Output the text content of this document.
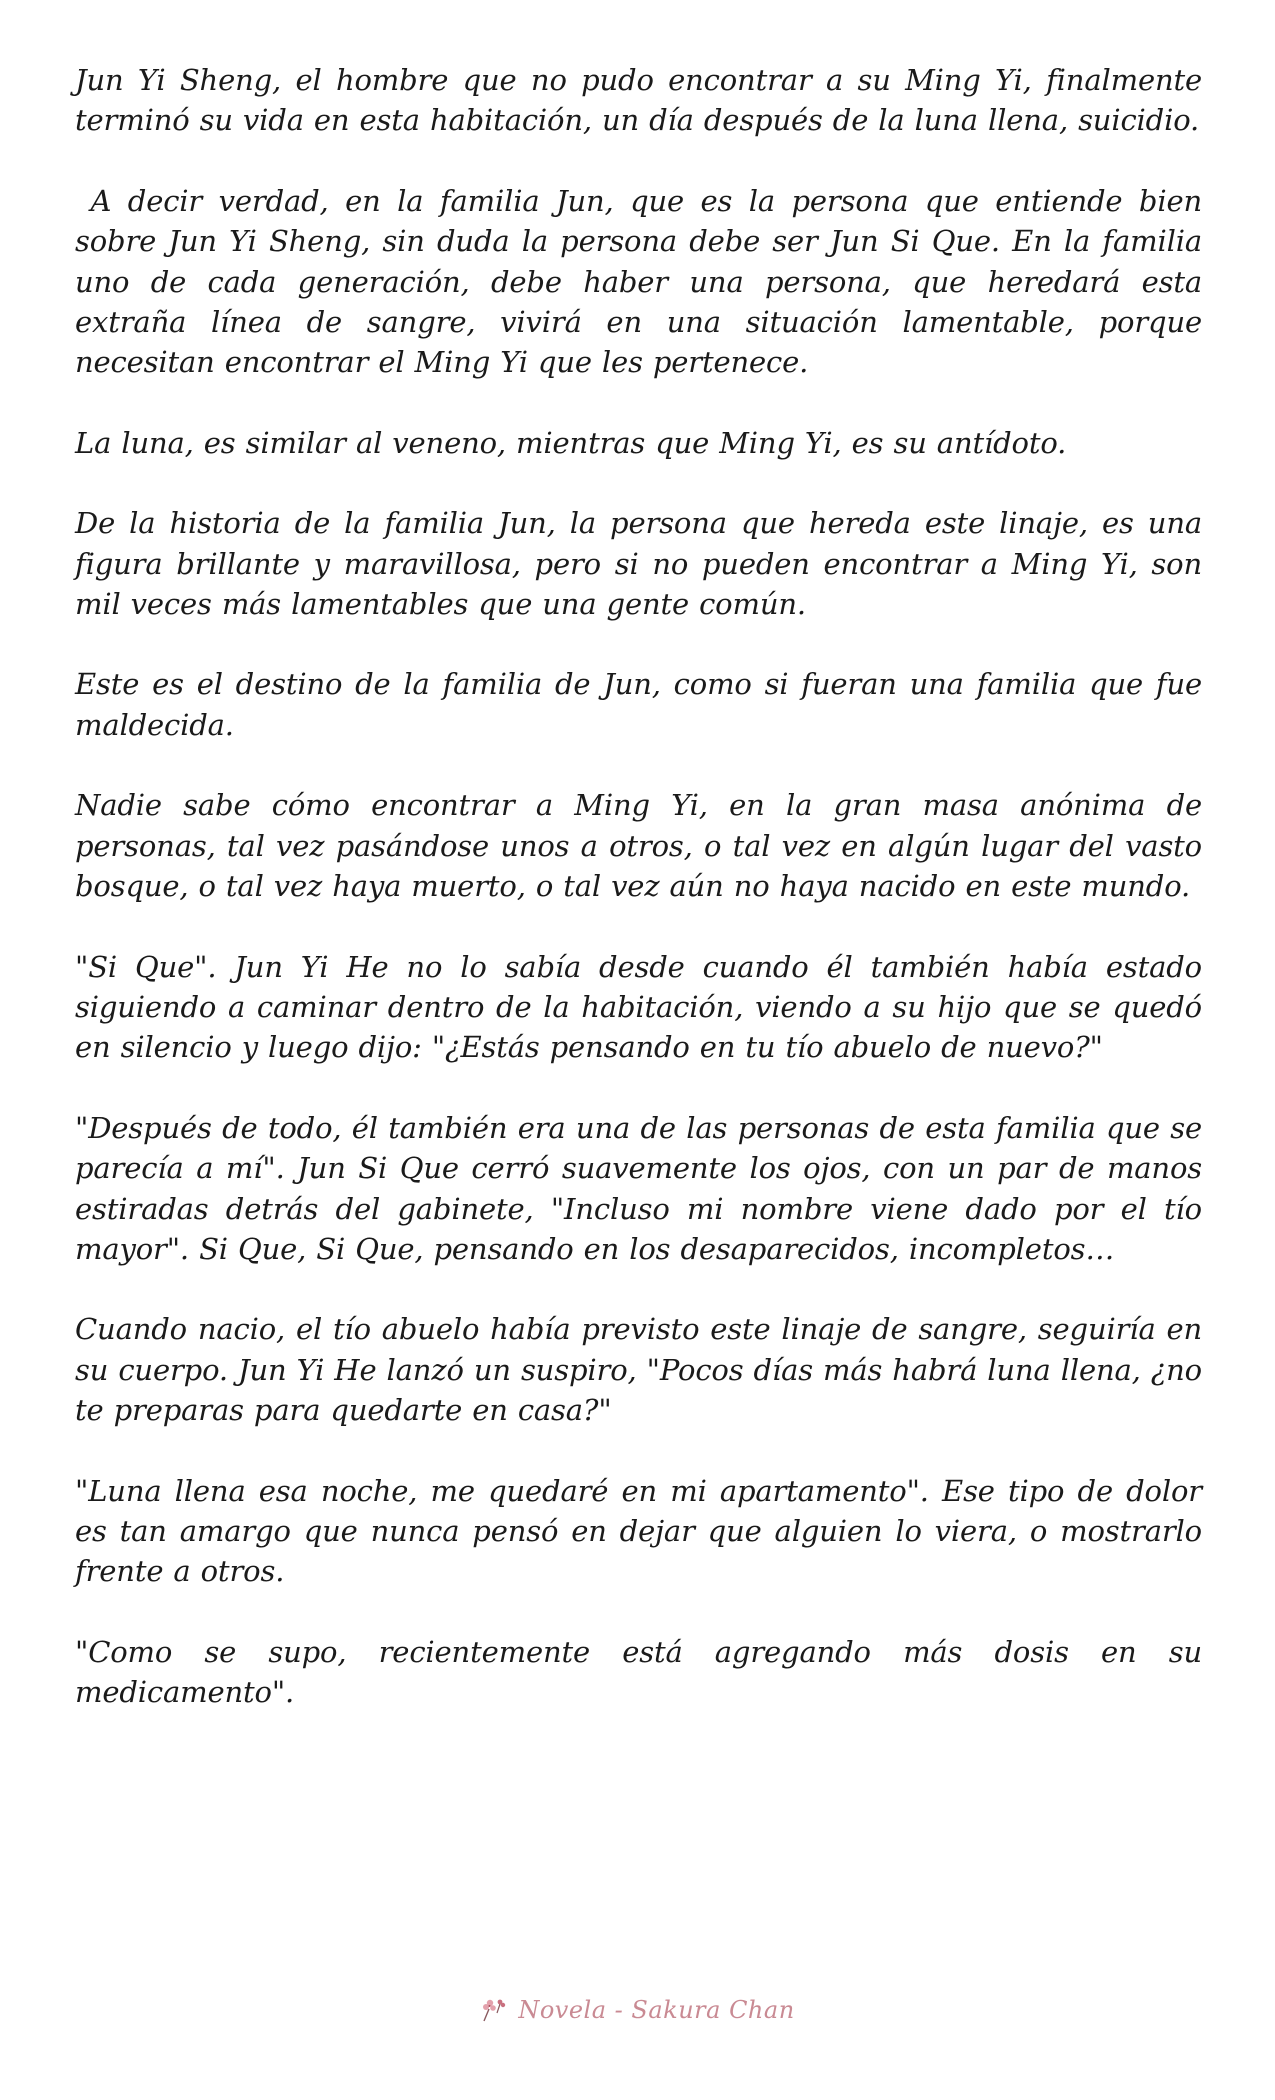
Jun Yi Sheng, el hombre que no pudo encontrar a su Ming Yi, finalmente terminó su vida en esta habitación, un día después de la luna llena, suicidio.

A decir verdad, en la familia Jun, que es la persona que entiende bien sobre Jun Yi Sheng, sin duda la persona debe ser Jun Si Que. En la familia uno de cada generación, debe haber una persona, que heredará esta extraña línea de sangre, vivirá en una situación lamentable, porque necesitan encontrar el Ming Yi que les pertenece.

La luna, es similar al veneno, mientras que Ming Yi, es su antídoto.

De la historia de la familia Jun, la persona que hereda este linaje, es una figura brillante y maravillosa, pero si no pueden encontrar a Ming Yi, son mil veces más lamentables que una gente común.

Este es el destino de la familia de Jun, como si fueran una familia que fue maldecida.

Nadie sabe cómo encontrar a Ming Yi, en la gran masa anónima de personas, tal vez pasándose unos a otros, o tal vez en algún lugar del vasto bosque, o tal vez haya muerto, o tal vez aún no haya nacido en este mundo.

"Si Que". Jun Yi He no lo sabía desde cuando él también había estado siguiendo a caminar dentro de la habitación, viendo a su hijo que se quedó en silencio y luego dijo: "¿Estás pensando en tu tío abuelo de nuevo?"

"Después de todo, él también era una de las personas de esta familia que se parecía a mí". Jun Si Que cerró suavemente los ojos, con un par de manos estiradas detrás del gabinete, "Incluso mi nombre viene dado por el tío mayor". Si Que, Si Que, pensando en los desaparecidos, incompletos…

Cuando nacio, el tío abuelo había previsto este linaje de sangre, seguiría en su cuerpo. Jun Yi He lanzó un suspiro, "Pocos días más habrá luna llena, ¿no te preparas para quedarte en casa?"

"Luna llena esa noche, me quedaré en mi apartamento". Ese tipo de dolor es tan amargo que nunca pensó en dejar que alguien lo viera, o mostrarlo frente a otros.

"Como se supo, recientemente está agregando más dosis en su medicamento".

Novela - Sakura Chan
